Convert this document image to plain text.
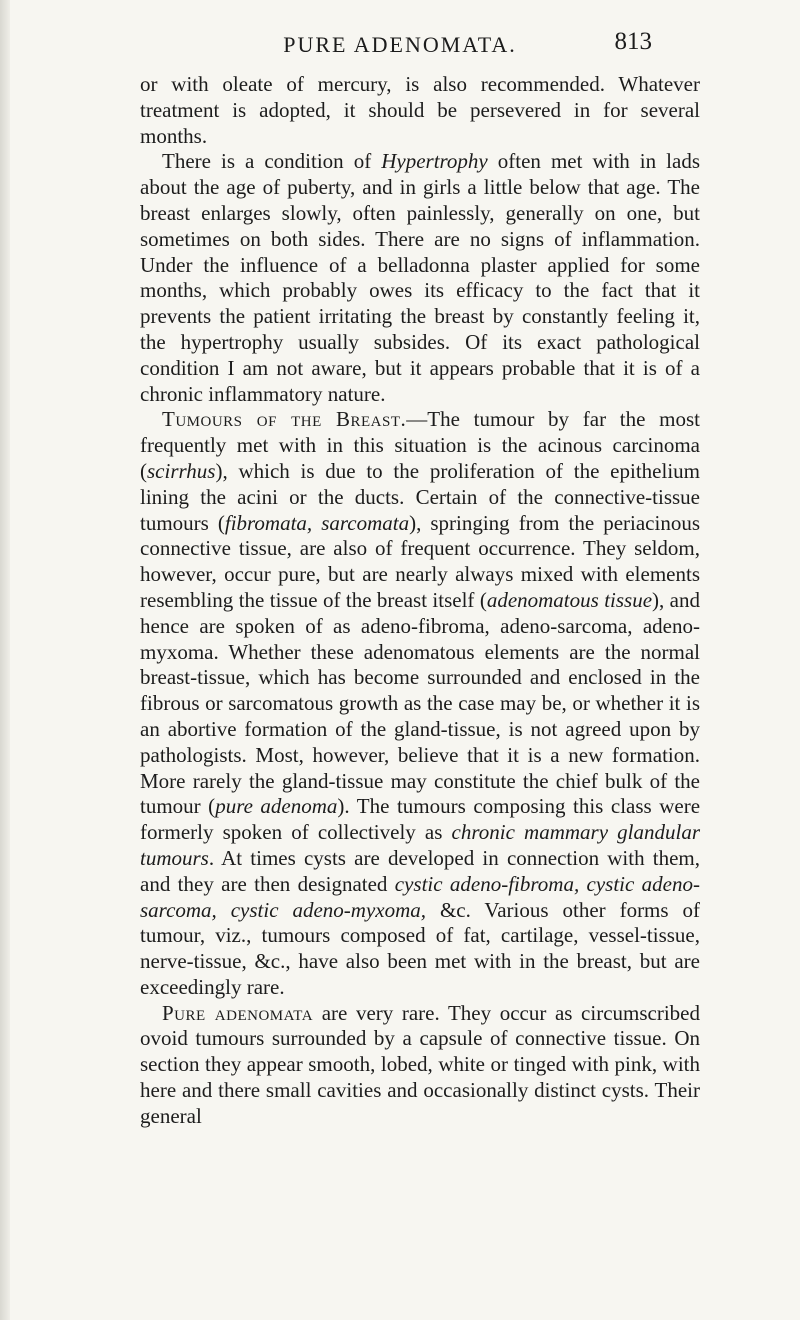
PURE ADENOMATA.	813

or with oleate of mercury, is also recommended. Whatever treatment is adopted, it should be persevered in for several months.

There is a condition of Hypertrophy often met with in lads about the age of puberty, and in girls a little below that age. The breast enlarges slowly, often painlessly, generally on one, but sometimes on both sides. There are no signs of inflammation. Under the influence of a belladonna plaster applied for some months, which probably owes its efficacy to the fact that it prevents the patient irritating the breast by constantly feeling it, the hypertrophy usually subsides. Of its exact pathological condition I am not aware, but it appears probable that it is of a chronic inflammatory nature.

Tumours of the Breast.—The tumour by far the most frequently met with in this situation is the acinous carcinoma (scirrhus), which is due to the proliferation of the epithelium lining the acini or the ducts. Certain of the connective-tissue tumours (fibromata, sarcomata), springing from the periacinous connective tissue, are also of frequent occurrence. They seldom, however, occur pure, but are nearly always mixed with elements resembling the tissue of the breast itself (adenomatous tissue), and hence are spoken of as adeno-fibroma, adeno-sarcoma, adeno-myxoma. Whether these adenomatous elements are the normal breast-tissue, which has become surrounded and enclosed in the fibrous or sarcomatous growth as the case may be, or whether it is an abortive formation of the gland-tissue, is not agreed upon by pathologists. Most, however, believe that it is a new formation. More rarely the gland-tissue may constitute the chief bulk of the tumour (pure adenoma). The tumours composing this class were formerly spoken of collectively as chronic mammary glandular tumours. At times cysts are developed in connection with them, and they are then designated cystic adeno-fibroma, cystic adeno-sarcoma, cystic adeno-myxoma, &c. Various other forms of tumour, viz., tumours composed of fat, cartilage, vessel-tissue, nerve-tissue, &c., have also been met with in the breast, but are exceedingly rare.

Pure adenomata are very rare. They occur as circumscribed ovoid tumours surrounded by a capsule of connective tissue. On section they appear smooth, lobed, white or tinged with pink, with here and there small cavities and occasionally distinct cysts. Their general
